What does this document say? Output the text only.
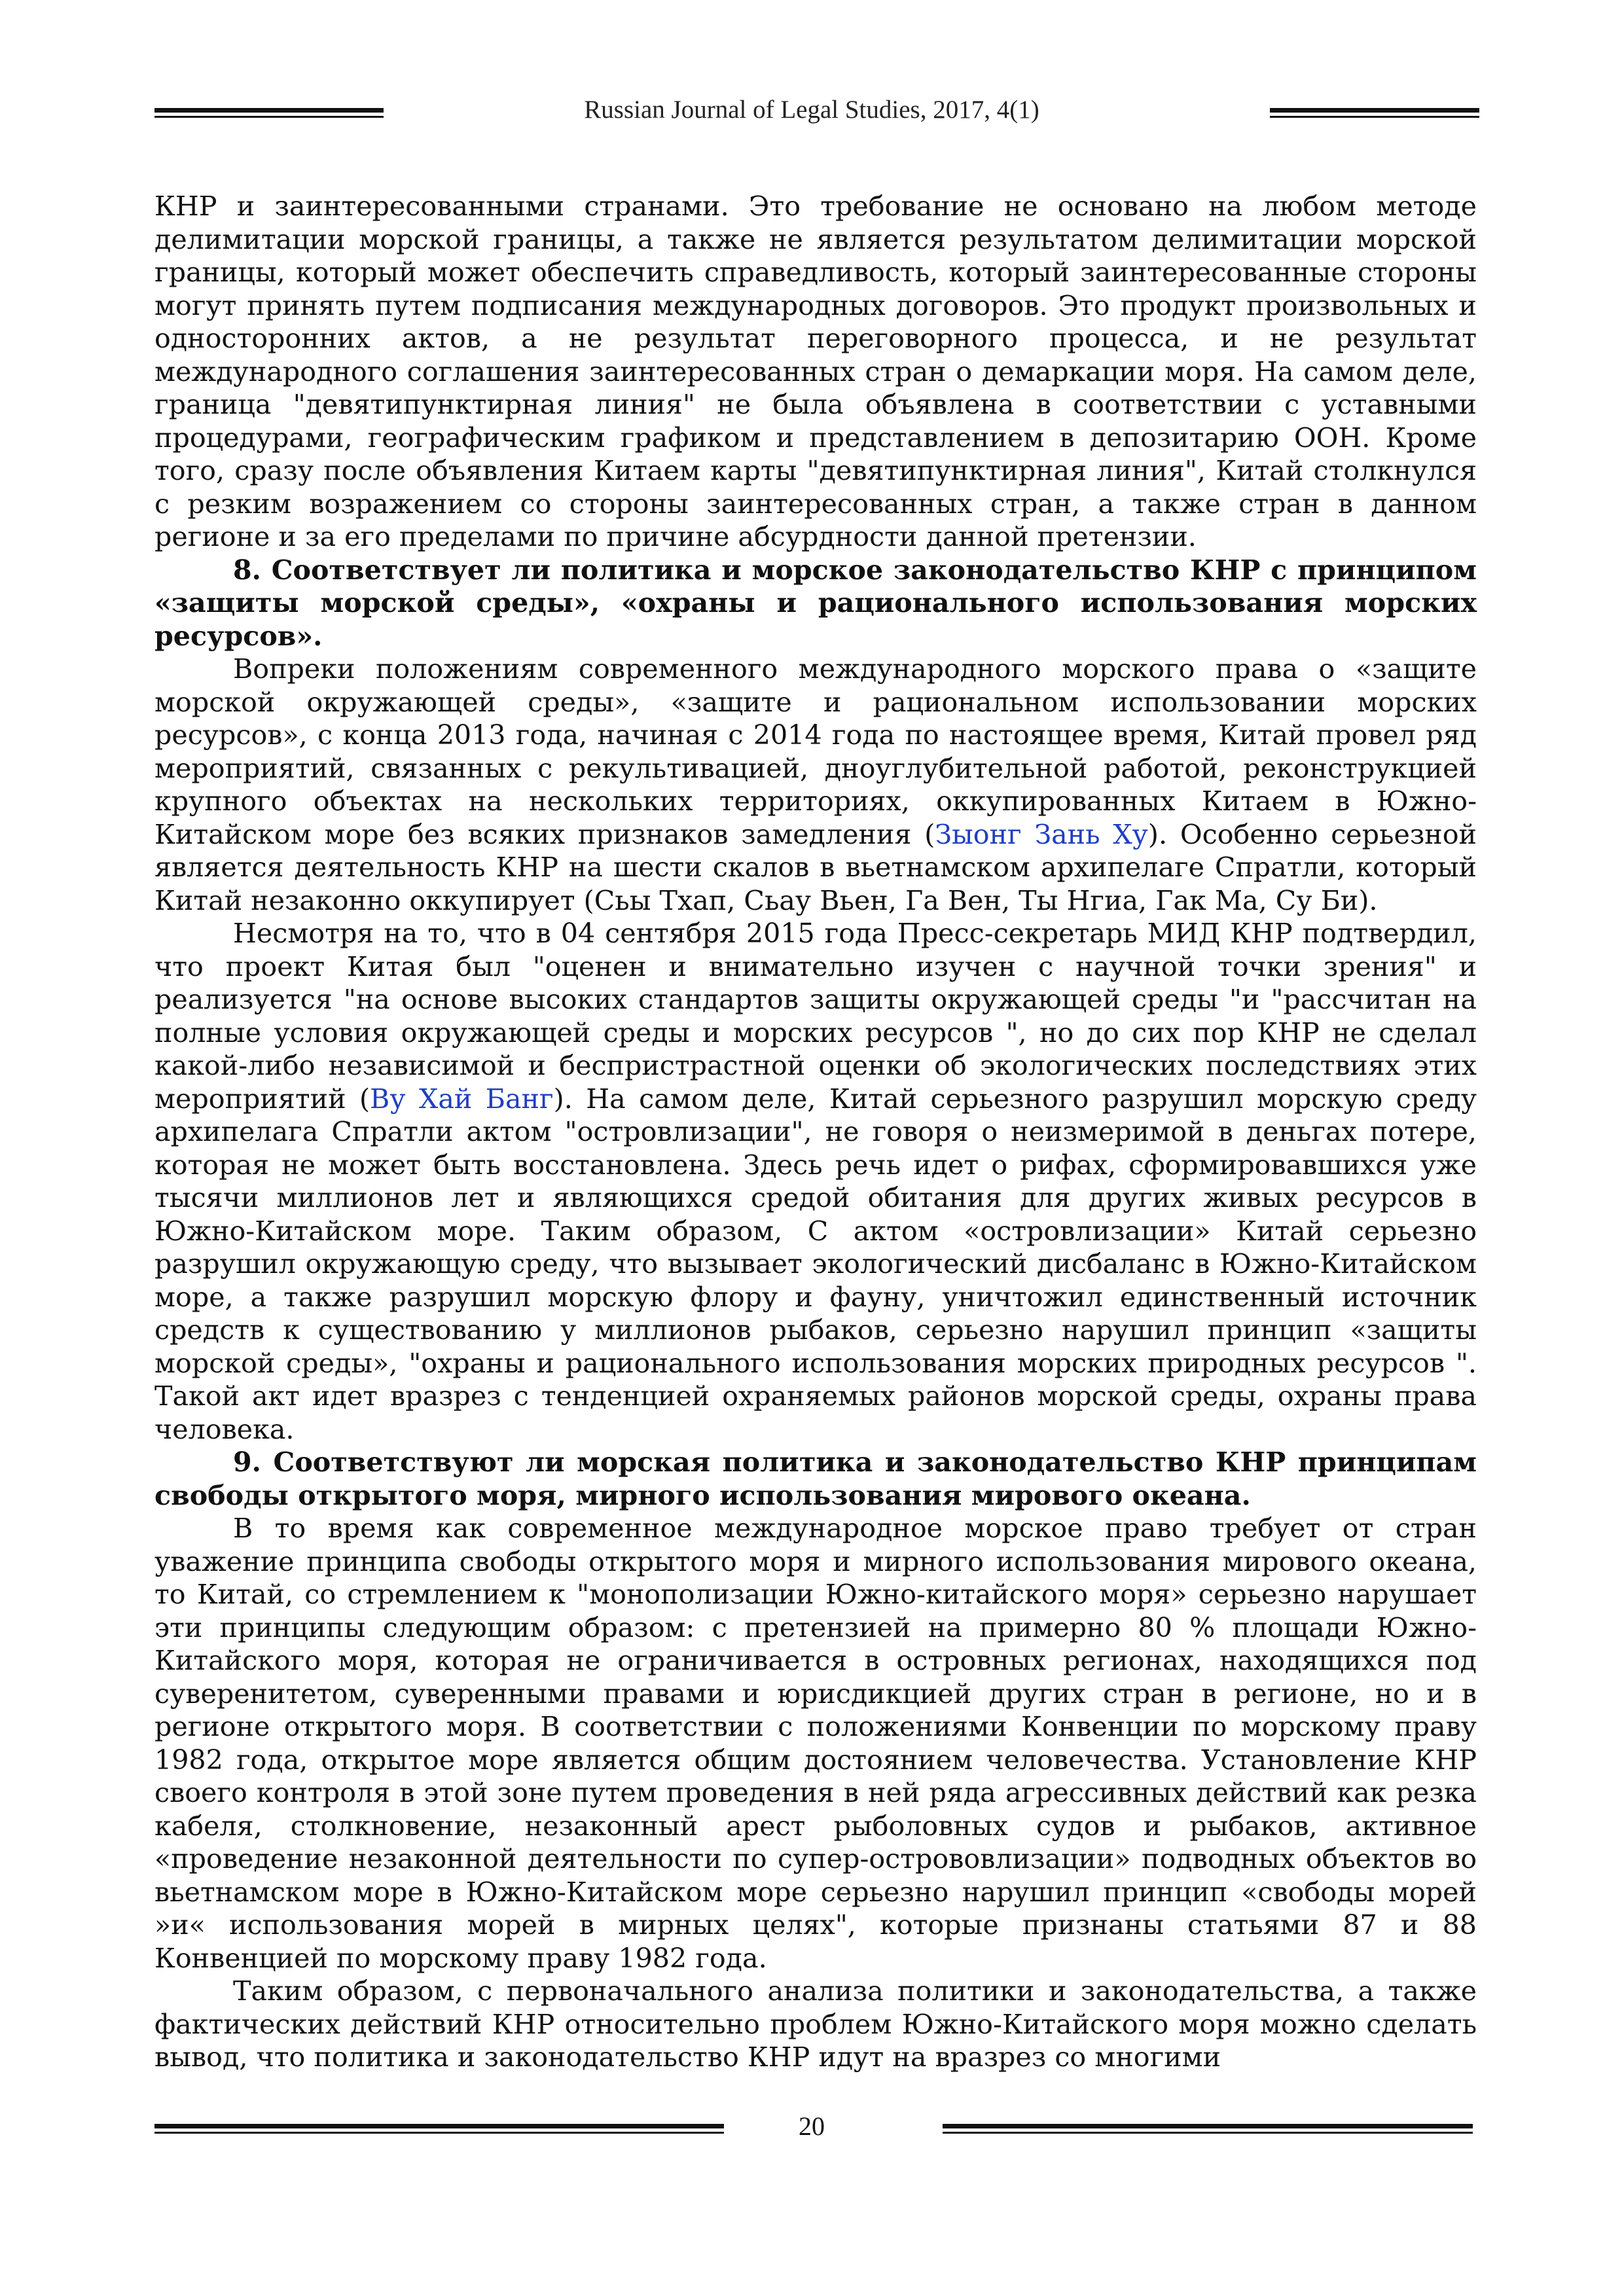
Russian Journal of Legal Studies, 2017, 4(1)

КНР и заинтересованными странами. Это требование не основано на любом методе делимитации морской границы, а также не является результатом делимитации морской границы, который может обеспечить справедливость, который заинтересованные стороны могут принять путем подписания международных договоров. Это продукт произвольных и односторонних актов, а не результат переговорного процесса, и не результат международного соглашения заинтересованных стран о демаркации моря. На самом деле, граница "девятипунктирная линия" не была объявлена в соответствии с уставными процедурами, географическим графиком и представлением в депозитарию ООН. Кроме того, сразу после объявления Китаем карты "девятипунктирная линия", Китай столкнулся с резким возражением со стороны заинтересованных стран, а также стран в данном регионе и за его пределами по причине абсурдности данной претензии.

8. Соответствует ли политика и морское законодательство КНР с принципом «защиты морской среды», «охраны и рационального использования морских ресурсов».

Вопреки положениям современного международного морского права о «защите морской окружающей среды», «защите и рациональном использовании морских ресурсов», с конца 2013 года, начиная с 2014 года по настоящее время, Китай провел ряд мероприятий, связанных с рекультивацией, дноуглубительной работой, реконструкцией крупного объектах на нескольких территориях, оккупированных Китаем в Южно-Китайском море без всяких признаков замедления (Зыонг Зань Ху). Особенно серьезной является деятельность КНР на шести скалов в вьетнамском архипелаге Спратли, который Китай незаконно оккупирует (Сьы Тхап, Сьау Вьен, Га Вен, Ты Нгиа, Гак Ма, Су Би).

Несмотря на то, что в 04 сентября 2015 года Пресс-секретарь МИД КНР подтвердил, что проект Китая был "оценен и внимательно изучен с научной точки зрения" и реализуется "на основе высоких стандартов защиты окружающей среды "и "рассчитан на полные условия окружающей среды и морских ресурсов ", но до сих пор КНР не сделал какой-либо независимой и беспристрастной оценки об экологических последствиях этих мероприятий (Ву Хай Банг). На самом деле, Китай серьезного разрушил морскую среду архипелага Спратли актом "островлизации", не говоря о неизмеримой в деньгах потере, которая не может быть восстановлена. Здесь речь идет о рифах, сформировавшихся уже тысячи миллионов лет и являющихся средой обитания для других живых ресурсов в Южно-Китайском море. Таким образом, С актом «островлизации» Китай серьезно разрушил окружающую среду, что вызывает экологический дисбаланс в Южно-Китайском море, а также разрушил морскую флору и фауну, уничтожил единственный источник средств к существованию у миллионов рыбаков, серьезно нарушил принцип «защиты морской среды», "охраны и рационального использования морских природных ресурсов ". Такой акт идет вразрез с тенденцией охраняемых районов морской среды, охраны права человека.

9. Соответствуют ли морская политика и законодательство КНР принципам свободы открытого моря, мирного использования мирового океана.

В то время как современное международное морское право требует от стран уважение принципа свободы открытого моря и мирного использования мирового океана, то Китай, со стремлением к "монополизации Южно-китайского моря» серьезно нарушает эти принципы следующим образом: с претензией на примерно 80 % площади Южно-Китайского моря, которая не ограничивается в островных регионах, находящихся под суверенитетом, суверенными правами и юрисдикцией других стран в регионе, но и в регионе открытого моря. В соответствии с положениями Конвенции по морскому праву 1982 года, открытое море является общим достоянием человечества. Установление КНР своего контроля в этой зоне путем проведения в ней ряда агрессивных действий как резка кабеля, столкновение, незаконный арест рыболовных судов и рыбаков, активное «проведение незаконной деятельности по супер-острововлизации» подводных объектов во вьетнамском море в Южно-Китайском море серьезно нарушил принцип «свободы морей »и« использования морей в мирных целях", которые признаны статьями 87 и 88 Конвенцией по морскому праву 1982 года.

Таким образом, с первоначального анализа политики и законодательства, а также фактических действий КНР относительно проблем Южно-Китайского моря можно сделать вывод, что политика и законодательство КНР идут на вразрез со многими

20
